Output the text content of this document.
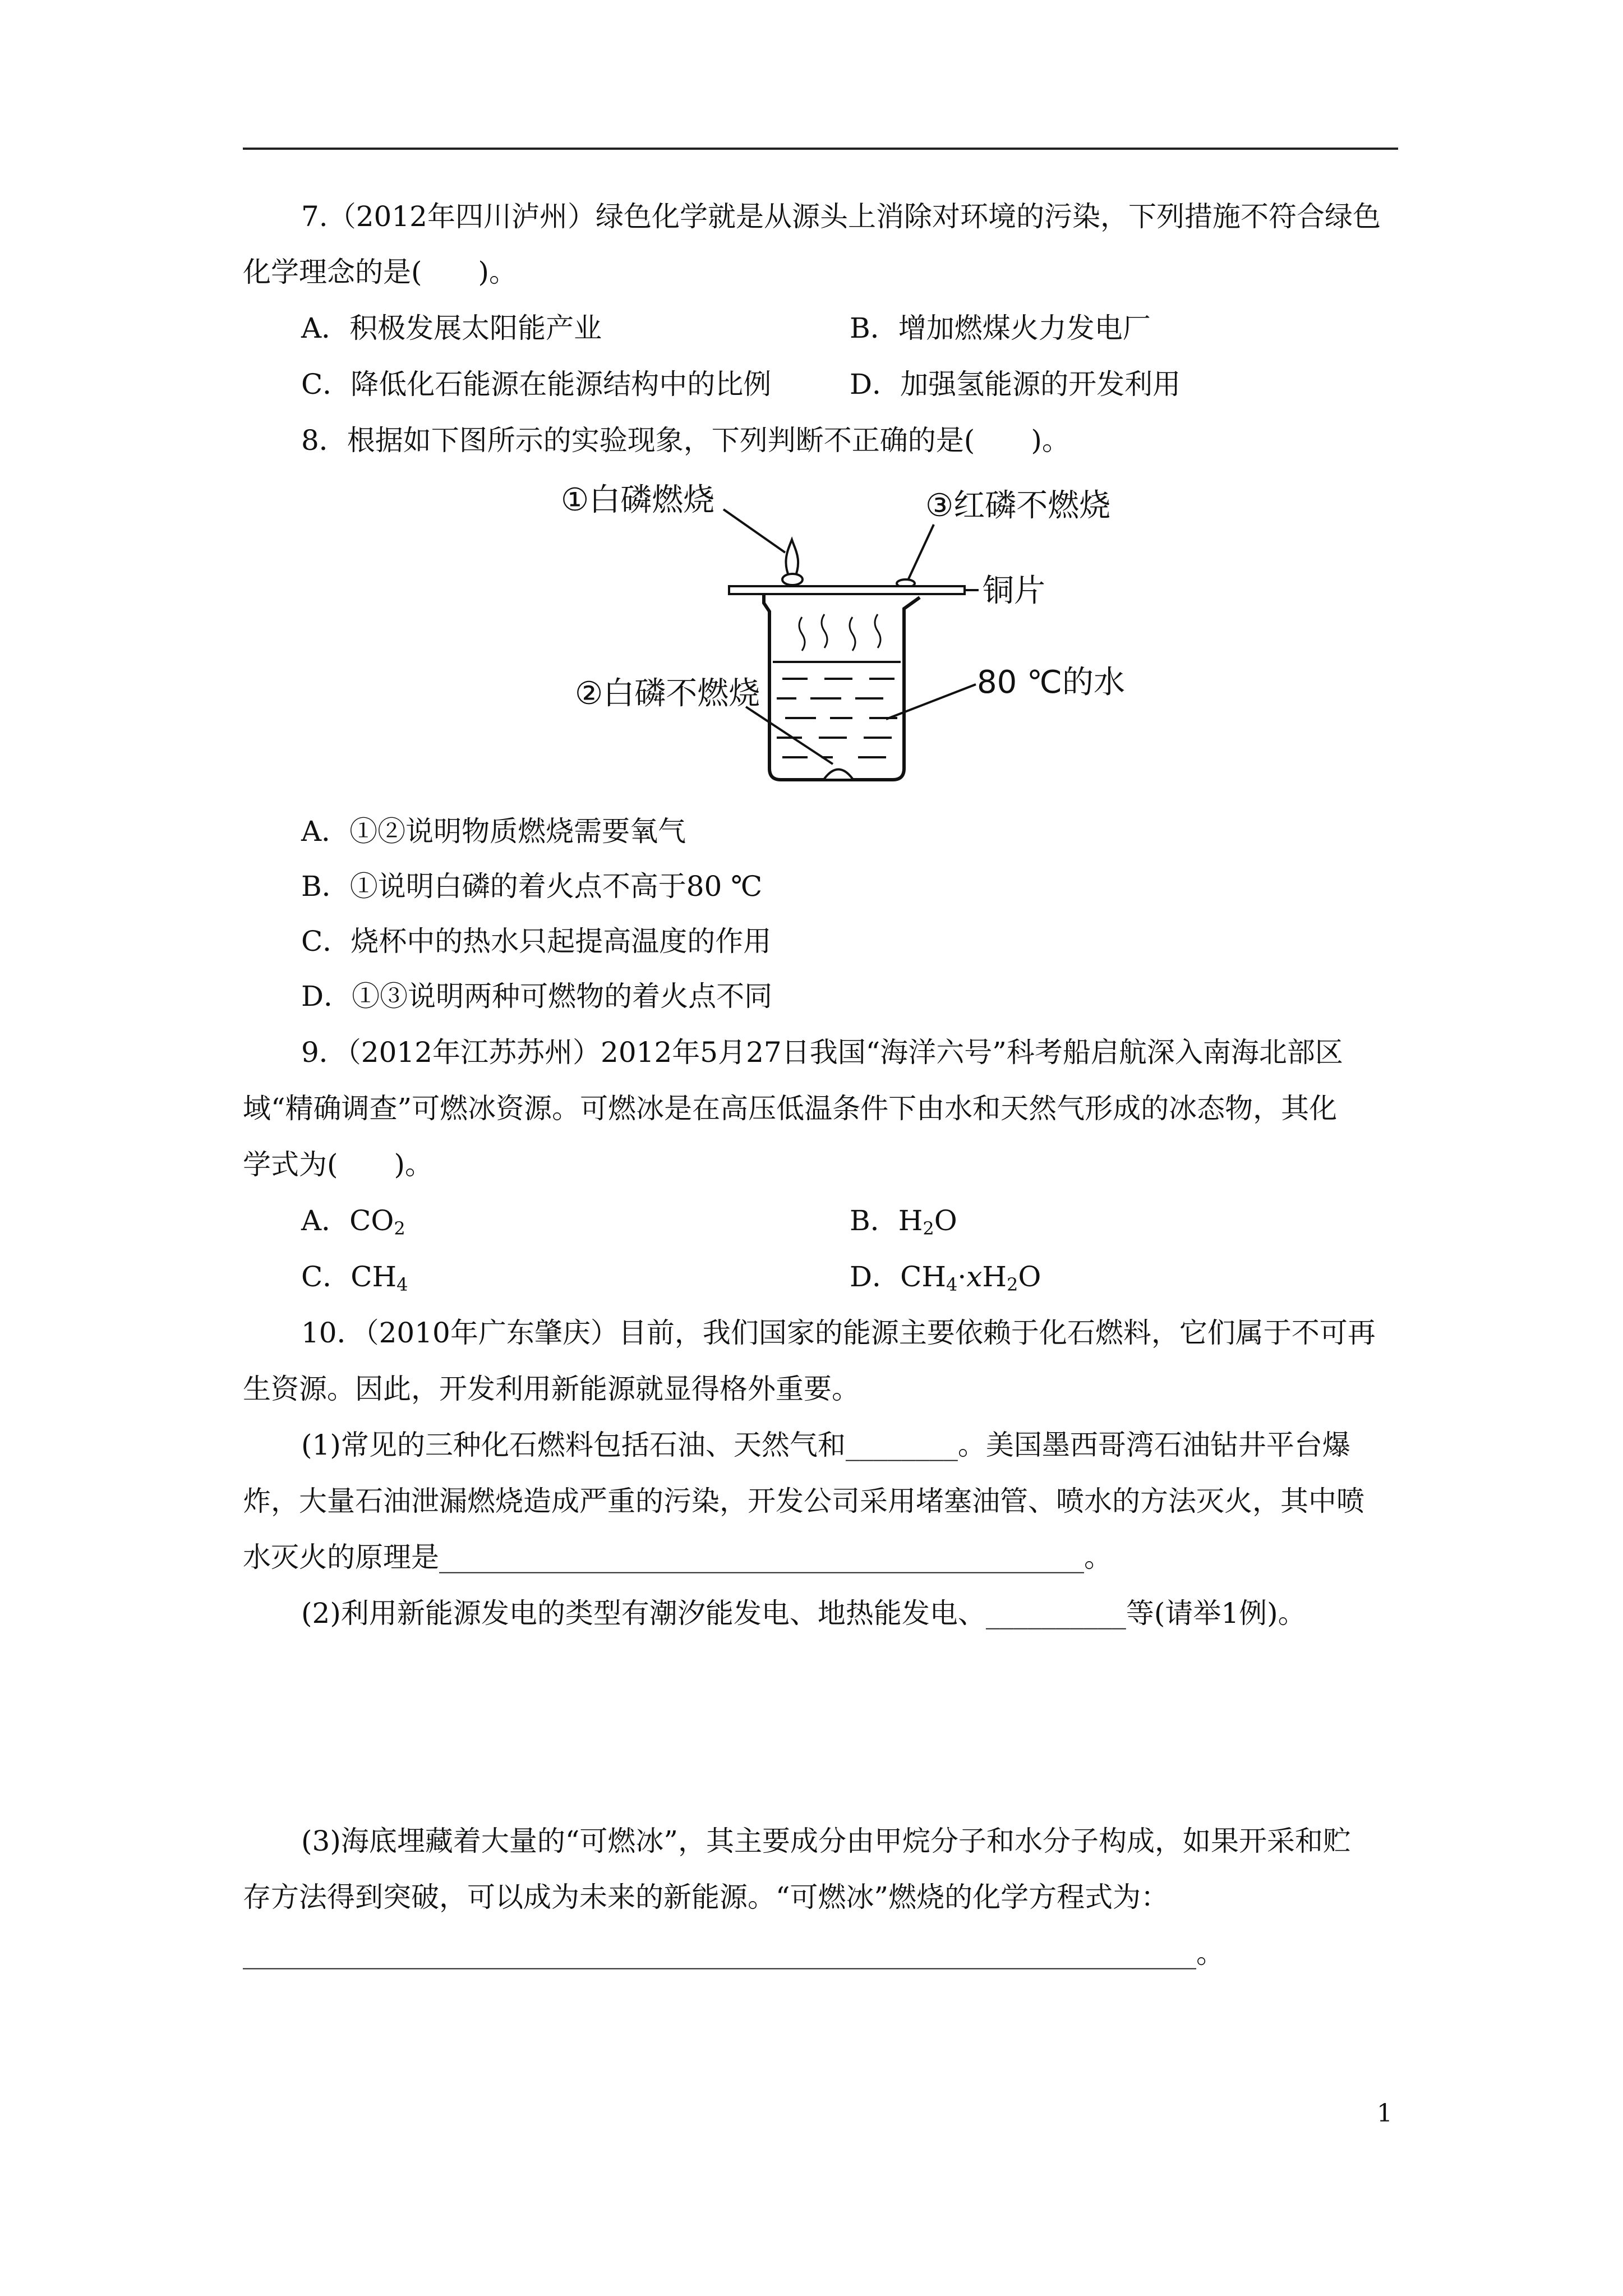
7.（2012年四川泸州）绿色化学就是从源头上消除对环境的污染，下列措施不符合绿色
化学理念的是(　　)。
A．积极发展太阳能产业	B．增加燃煤火力发电厂
C．降低化石能源在能源结构中的比例	D．加强氢能源的开发利用
8．根据如下图所示的实验现象，下列判断不正确的是(　　)。
①白磷燃烧	③红磷不燃烧
铜片
②白磷不燃烧	80 ℃的水
A．①②说明物质燃烧需要氧气
B．①说明白磷的着火点不高于80 ℃
C．烧杯中的热水只起提高温度的作用
D．①③说明两种可燃物的着火点不同
9．（2012年江苏苏州）2012年5月27日我国“海洋六号”科考船启航深入南海北部区
域“精确调查”可燃冰资源。可燃冰是在高压低温条件下由水和天然气形成的冰态物，其化
学式为(　　)。
A．$CO_2$	B．$H_2O$
C．$CH_4$	D．$CH_4\cdot xH_2O$
10．（2010年广东肇庆）目前，我们国家的能源主要依赖于化石燃料，它们属于不可再
生资源。因此，开发利用新能源就显得格外重要。
(1)常见的三种化石燃料包括石油、天然气和________。美国墨西哥湾石油钻井平台爆
炸，大量石油泄漏燃烧造成严重的污染，开发公司采用堵塞油管、喷水的方法灭火，其中喷
水灭火的原理是______________________________________________。
(2)利用新能源发电的类型有潮汐能发电、地热能发电、__________等(请举1例)。
(3)海底埋藏着大量的“可燃冰”，其主要成分由甲烷分子和水分子构成，如果开采和贮
存方法得到突破，可以成为未来的新能源。“可燃冰”燃烧的化学方程式为：
____________________________________________________________________。
1
